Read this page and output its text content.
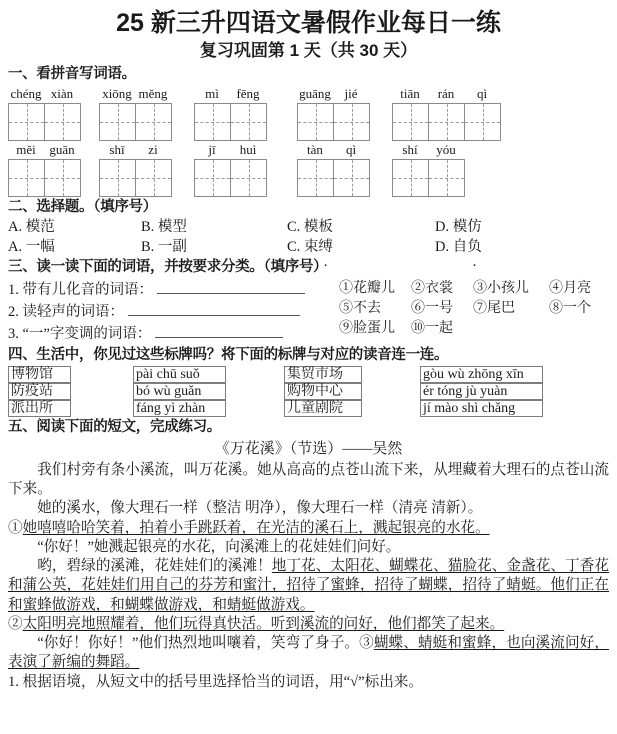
25 新三升四语文暑假作业每日一练
复习巩固第 1 天（共 30 天）
一、看拼音写词语。
chéng xiàn	xiōng měng	mì	fēng	guāng	jié	tiān	rán	qì
měi	guān	shī	zi	jī	huì	tàn	qì	shí	yóu
二、选择题。（填序号）
A. 模范	B. 模型	C. 模板	D. 模仿
A. 一幅	B. 一副	C. 束缚	D. 自负
三、读一读下面的词语，并按要求分类。（填序号）
1. 带有儿化音的词语：
2. 读轻声的词语：
3. “一”字变调的词语：
①花瓣儿	②衣裳	③小孩儿	④月亮
⑤不去	⑥一号	⑦尾巴	⑧一个
⑨脸蛋儿	⑩一起
四、生活中，你见过这些标牌吗？将下面的标牌与对应的读音连一连。
博物馆
防疫站
派出所
pài chū suǒ
bó wù guǎn
fáng yì zhàn
集贸市场
购物中心
儿童剧院
gòu wù zhōng xīn
ér tóng jù yuàn
jí mào shì chǎng
五、阅读下面的短文，完成练习。
《万花溪》（节选）——吴然
我们村旁有条小溪流，叫万花溪。她从高高的点苍山流下来，从埋藏着大理石的点苍山流下来。
她的溪水，像大理石一样（整洁 明净），像大理石一样（清亮 清新）。
①她嘻嘻哈哈笑着，拍着小手跳跃着，在光洁的溪石上，溅起银亮的水花。
“你好！”她溅起银亮的水花，向溪滩上的花娃娃们问好。
哟，碧绿的溪滩，花娃娃们的溪滩！地丁花、太阳花、蝴蝶花、猫脸花、金盏花、丁香花和蒲公英，花娃娃们用自己的芬芳和蜜汁，招待了蜜蜂，招待了蝴蝶，招待了蜻蜓。他们正在和蜜蜂做游戏，和蝴蝶做游戏，和蜻蜓做游戏。
②太阳明亮地照耀着，他们玩得真快活。听到溪流的问好，他们都笑了起来。
“你好！你好！”他们热烈地叫嚷着，笑弯了身子。③蝴蝶、蜻蜓和蜜蜂，也向溪流问好，表演了新编的舞蹈。
1. 根据语境，从短文中的括号里选择恰当的词语，用“√”标出来。
